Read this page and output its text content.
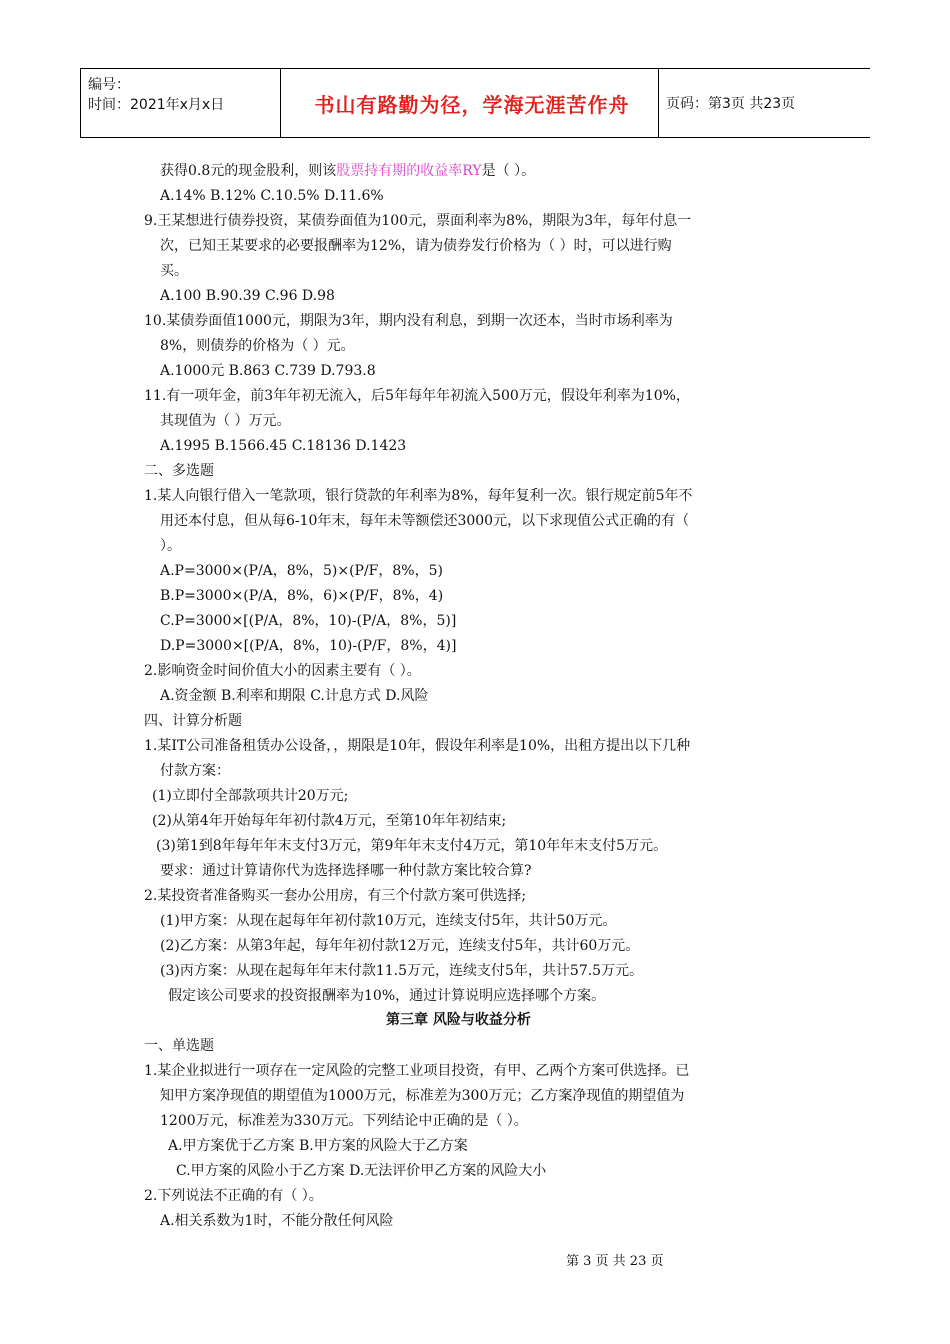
编号：
时间：2021年x月x日	书山有路勤为径，学海无涯苦作舟	页码：第3页 共23页
获得0.8元的现金股利，则该股票持有期的收益率RY是（ ）。
A.14% B.12% C.10.5% D.11.6%
9.王某想进行债券投资，某债券面值为100元，票面利率为8%，期限为3年，每年付息一
次，已知王某要求的必要报酬率为12%，请为债券发行价格为（ ）时，可以进行购
买。
A.100 B.90.39 C.96 D.98
10.某债券面值1000元，期限为3年，期内没有利息，到期一次还本，当时市场利率为
8%，则债券的价格为（ ）元。
A.1000元 B.863 C.739 D.793.8
11.有一项年金，前3年年初无流入，后5年每年年初流入500万元，假设年利率为10%，
其现值为（ ）万元。
A.1995 B.1566.45 C.18136 D.1423
二、多选题
1.某人向银行借入一笔款项，银行贷款的年利率为8%，每年复利一次。银行规定前5年不
用还本付息，但从每6-10年末，每年未等额偿还3000元，以下求现值公式正确的有（
）。
A.P=3000×(P/A，8%，5)×(P/F，8%，5)
B.P=3000×(P/A，8%，6)×(P/F，8%，4)
C.P=3000×[(P/A，8%，10)-(P/A，8%，5)]
D.P=3000×[(P/A，8%，10)-(P/F，8%，4)]
2.影响资金时间价值大小的因素主要有（ ）。
A.资金额 B.利率和期限 C.计息方式 D.风险
四、计算分析题
1.某IT公司准备租赁办公设备，，期限是10年，假设年利率是10%，出租方提出以下几种
付款方案：
(1)立即付全部款项共计20万元;
(2)从第4年开始每年年初付款4万元，至第10年年初结束;
(3)第1到8年每年年末支付3万元，第9年年末支付4万元，第10年年末支付5万元。
要求：通过计算请你代为选择选择哪一种付款方案比较合算?
2.某投资者准备购买一套办公用房，有三个付款方案可供选择;
(1)甲方案：从现在起每年年初付款10万元，连续支付5年，共计50万元。
(2)乙方案：从第3年起，每年年初付款12万元，连续支付5年，共计60万元。
(3)丙方案：从现在起每年年末付款11.5万元，连续支付5年，共计57.5万元。
假定该公司要求的投资报酬率为10%，通过计算说明应选择哪个方案。
第三章 风险与收益分析
一、单选题
1.某企业拟进行一项存在一定风险的完整工业项目投资，有甲、乙两个方案可供选择。已
知甲方案净现值的期望值为1000万元，标准差为300万元；乙方案净现值的期望值为
1200万元，标准差为330万元。下列结论中正确的是（ ）。
A.甲方案优于乙方案 B.甲方案的风险大于乙方案
C.甲方案的风险小于乙方案 D.无法评价甲乙方案的风险大小
2.下列说法不正确的有（ ）。
A.相关系数为1时，不能分散任何风险
第 3 页 共 23 页
